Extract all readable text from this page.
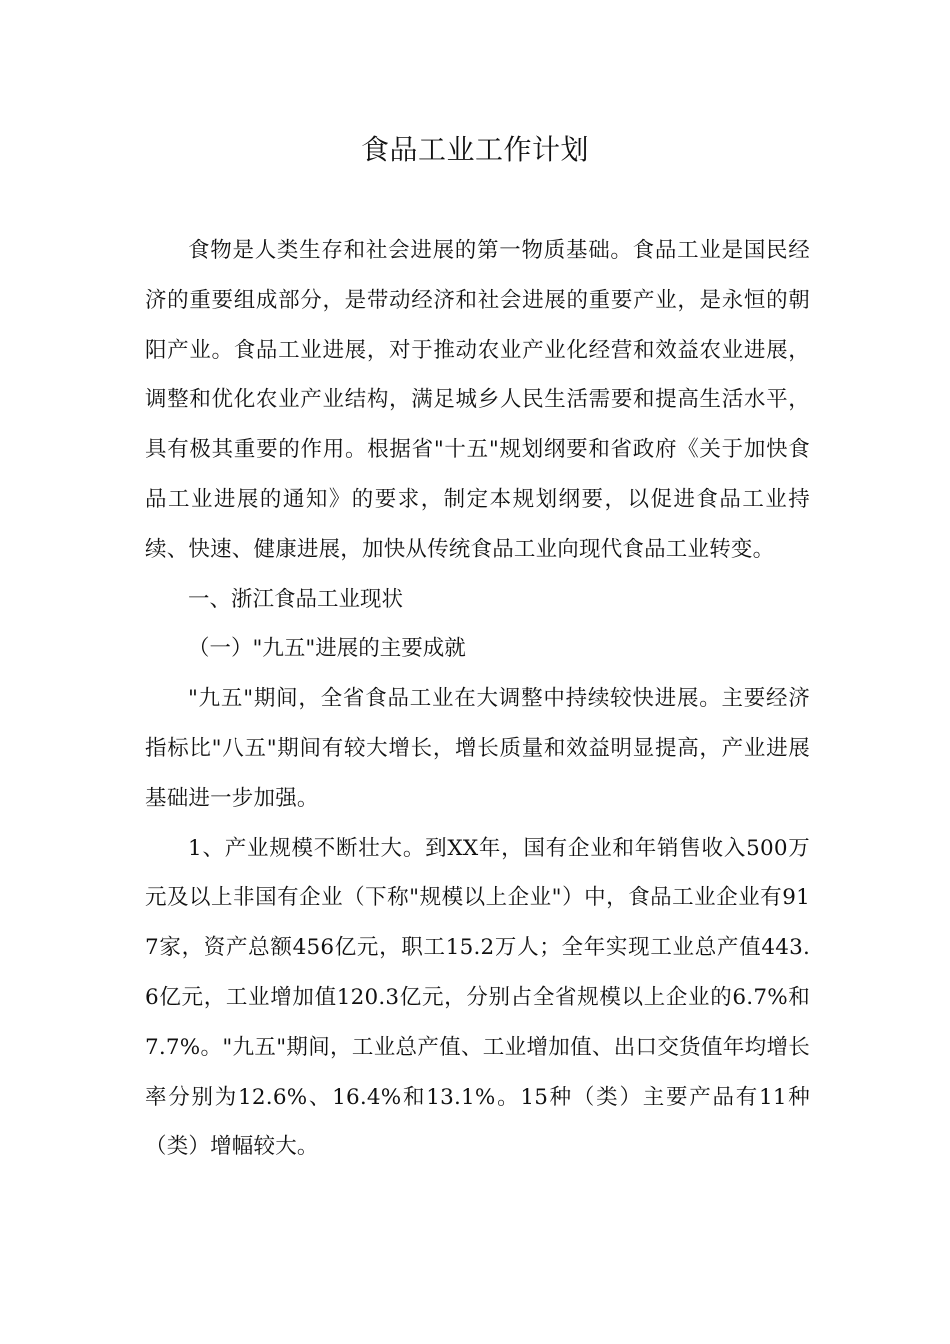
食品工业工作计划

食物是人类生存和社会进展的第一物质基础。食品工业是国民经济的重要组成部分，是带动经济和社会进展的重要产业，是永恒的朝阳产业。食品工业进展，对于推动农业产业化经营和效益农业进展，调整和优化农业产业结构，满足城乡人民生活需要和提高生活水平，具有极其重要的作用。根据省"十五"规划纲要和省政府《关于加快食品工业进展的通知》的要求，制定本规划纲要，以促进食品工业持续、快速、健康进展，加快从传统食品工业向现代食品工业转变。

一、浙江食品工业现状

（一）"九五"进展的主要成就

"九五"期间，全省食品工业在大调整中持续较快进展。主要经济指标比"八五"期间有较大增长，增长质量和效益明显提高，产业进展基础进一步加强。

1、产业规模不断壮大。到XX年，国有企业和年销售收入500万元及以上非国有企业（下称"规模以上企业"）中，食品工业企业有917家，资产总额456亿元，职工15.2万人；全年实现工业总产值443.6亿元，工业增加值120.3亿元，分别占全省规模以上企业的6.7%和7.7%。"九五"期间，工业总产值、工业增加值、出口交货值年均增长率分别为12.6%、16.4%和13.1%。15种（类）主要产品有11种（类）增幅较大。
